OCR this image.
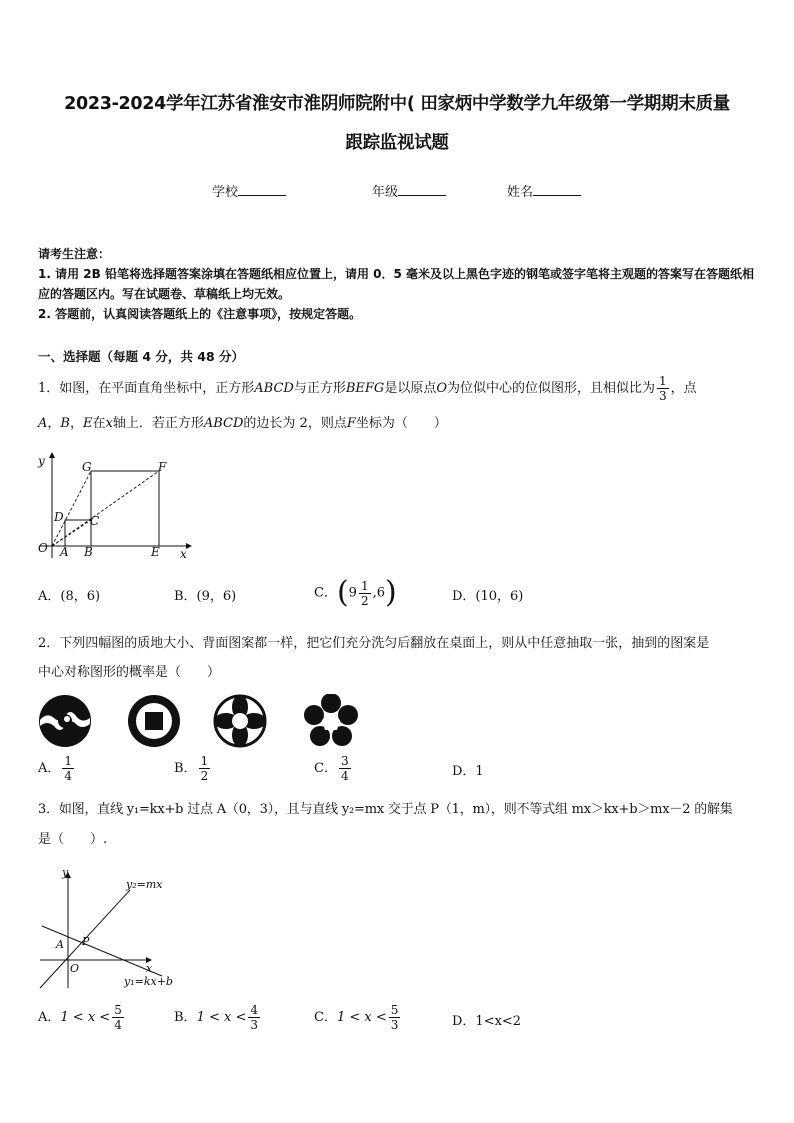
2023-2024学年江苏省淮安市淮阴师院附中( 田家炳中学数学九年级第一学期期末质量
跟踪监视试题
学校	年级	姓名

请考生注意：

1. 请用 2B 铅笔将选择题答案涂填在答题纸相应位置上，请用 0．5 毫米及以上黑色字迹的钢笔或签字笔将主观题的答案写在答题纸相应的答题区内。写在试题卷、草稿纸上均无效。

2. 答题前，认真阅读答题纸上的《注意事项》，按规定答题。

一、选择题（每题 4 分，共 48 分）
1．如图，在平面直角坐标中，正方形ABCD与正方形BEFG是以原点O为位似中心的位似图形，且相似比为 $\frac{1}{3}$ ，点
A，B，E在x轴上．若正方形ABCD的边长为 2，则点F坐标为（　　）
y
x
O A B	E
D C
G	F
A．(8，6)	B．(9，6)	C．$(9 \frac{1}{2} ,6)$	D．(10，6)
2．下列四幅图的质地大小、背面图案都一样，把它们充分洗匀后翻放在桌面上，则从中任意抽取一张，抽到的图案是
中心对称图形的概率是（　　）
A． $\frac{1}{4}$	B． $\frac{1}{2}$	C． $\frac{3}{4}$	D．1
3．如图，直线 y₁=kx+b 过点 A（0，3），且与直线 y₂=mx 交于点 P（1，m），则不等式组 mx＞kx+b＞mx－2 的解集
是（　　）.
y
x
O
A P
y₂=mx
y₁=kx+b
A．$1 < x < \frac{5}{4}$	B．$1 < x < \frac{4}{3}$	C．$1 < x < \frac{5}{3}$	D．1<x<2
